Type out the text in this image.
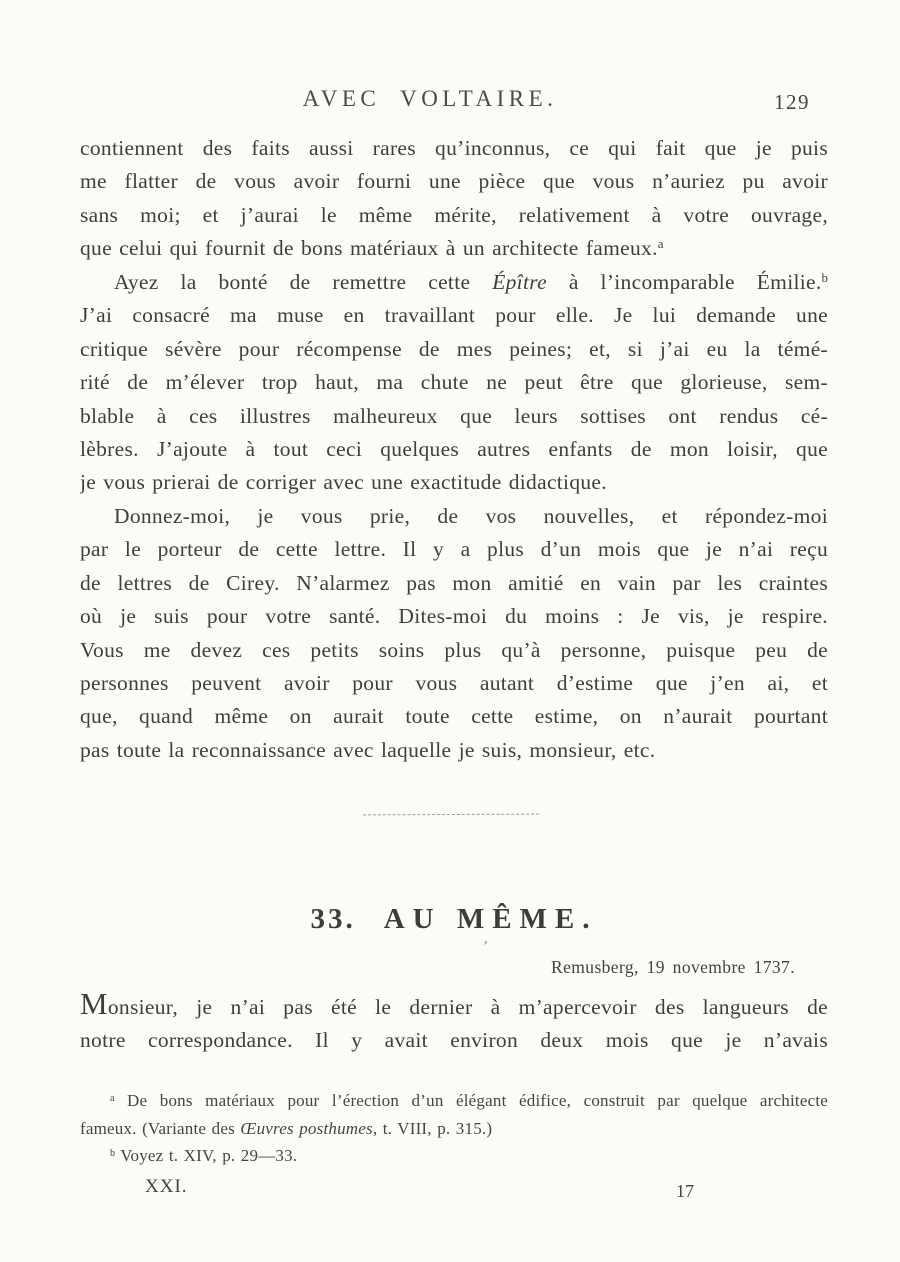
AVEC VOLTAIRE.	129
contiennent des faits aussi rares qu’inconnus, ce qui fait que je puis
me flatter de vous avoir fourni une pièce que vous n’auriez pu avoir
sans moi; et j’aurai le même mérite, relativement à votre ouvrage,
que celui qui fournit de bons matériaux à un architecte fameux.$^a$
Ayez la bonté de remettre cette Épître à l’incomparable Émilie.$^b$
J’ai consacré ma muse en travaillant pour elle. Je lui demande une
critique sévère pour récompense de mes peines; et, si j’ai eu la témé-
rité de m’élever trop haut, ma chute ne peut être que glorieuse, sem-
blable à ces illustres malheureux que leurs sottises ont rendus cé-
lèbres. J’ajoute à tout ceci quelques autres enfants de mon loisir, que
je vous prierai de corriger avec une exactitude didactique.
Donnez-moi, je vous prie, de vos nouvelles, et répondez-moi
par le porteur de cette lettre. Il y a plus d’un mois que je n’ai reçu
de lettres de Cirey. N’alarmez pas mon amitié en vain par les craintes
où je suis pour votre santé. Dites-moi du moins : Je vis, je respire.
Vous me devez ces petits soins plus qu’à personne, puisque peu de
personnes peuvent avoir pour vous autant d’estime que j’en ai, et
que, quand même on aurait toute cette estime, on n’aurait pourtant
pas toute la reconnaissance avec laquelle je suis, monsieur, etc.
33. AU MÊME.
’
Remusberg, 19 novembre 1737.
Monsieur, je n’ai pas été le dernier à m’apercevoir des langueurs de
notre correspondance. Il y avait environ deux mois que je n’avais
$^a$ De bons matériaux pour l’érection d’un élégant édifice, construit par quelque architecte
fameux. (Variante des Œuvres posthumes, t. VIII, p. 315.)
$^b$ Voyez t. XIV, p. 29—33.
XXI.	17
